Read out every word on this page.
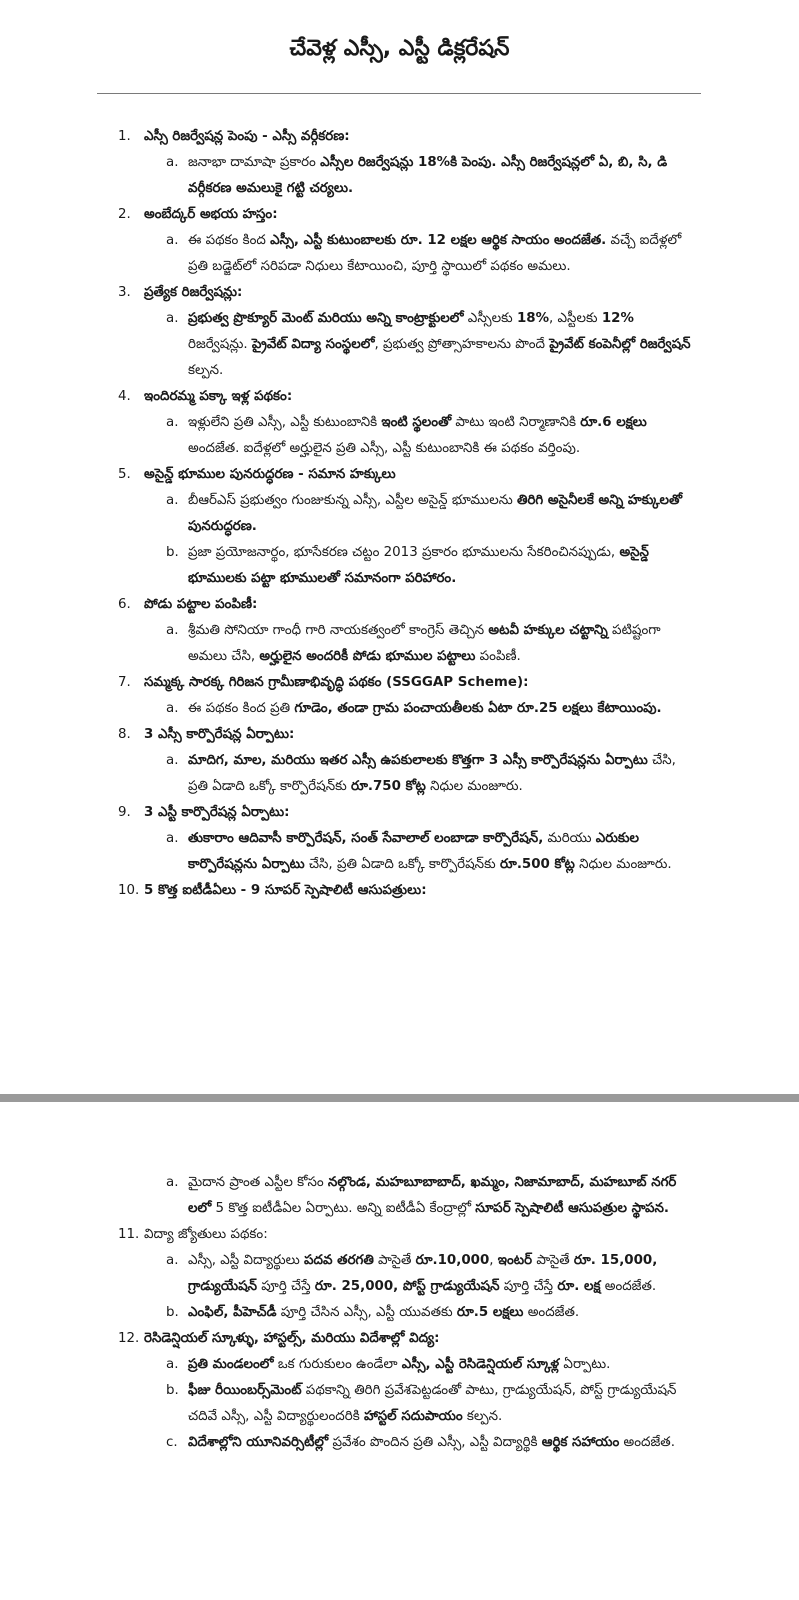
చేవెళ్ల ఎస్సీ, ఎస్టీ డిక్లరేషన్
1. ఎస్సీ రిజర్వేషన్ల పెంపు - ఎస్సీ వర్గీకరణ:
a. జనాభా దామాషా ప్రకారం ఎస్సీల రిజర్వేషన్లు 18%కి పెంపు. ఎస్సీ రిజర్వేషన్లలో ఏ, బి, సి, డి వర్గీకరణ అమలుకై గట్టి చర్యలు.
2. అంబేద్కర్ అభయ హస్తం:
a. ఈ పథకం కింద ఎస్సీ, ఎస్టీ కుటుంబాలకు రూ. 12 లక్షల ఆర్థిక సాయం అందజేత. వచ్చే ఐదేళ్లలో ప్రతి బడ్జెట్‌లో సరిపడా నిధులు కేటాయించి, పూర్తి స్థాయిలో పథకం అమలు.
3. ప్రత్యేక రిజర్వేషన్లు:
a. ప్రభుత్వ ప్రొక్యూర్ మెంట్ మరియు అన్ని కాంట్రాక్టులలో ఎస్సీలకు 18%, ఎస్టీలకు 12% రిజర్వేషన్లు. ప్రైవేట్ విద్యా సంస్థలలో, ప్రభుత్వ ప్రోత్సాహకాలను పొందే ప్రైవేట్ కంపెనీల్లో రిజర్వేషన్ కల్పన.
4. ఇందిరమ్మ పక్కా ఇళ్ల పథకం:
a. ఇళ్లులేని ప్రతి ఎస్సీ, ఎస్టీ కుటుంబానికి ఇంటి స్థలంతో పాటు ఇంటి నిర్మాణానికి రూ.6 లక్షలు అందజేత. ఐదేళ్లలో అర్హులైన ప్రతి ఎస్సీ, ఎస్టీ కుటుంబానికి ఈ పథకం వర్తింపు.
5. అసైన్డ్ భూముల పునరుద్ధరణ - సమాన హక్కులు
a. బీఆర్ఎస్ ప్రభుత్వం గుంజుకున్న ఎస్సీ, ఎస్టీల అసైన్డ్ భూములను తిరిగి అసైనీలకే అన్ని హక్కులతో పునరుద్ధరణ.
b. ప్రజా ప్రయోజనార్థం, భూసేకరణ చట్టం 2013 ప్రకారం భూములను సేకరించినప్పుడు, అసైన్డ్ భూములకు పట్టా భూములతో సమానంగా పరిహారం.
6. పోడు పట్టాల పంపిణీ:
a. శ్రీమతి సోనియా గాంధీ గారి నాయకత్వంలో కాంగ్రెస్ తెచ్చిన అటవీ హక్కుల చట్టాన్ని పటిష్టంగా అమలు చేసి, అర్హులైన అందరికీ పోడు భూముల పట్టాలు పంపిణీ.
7. సమ్మక్క సారక్క గిరిజన గ్రామీణాభివృద్ధి పథకం (SSGGAP Scheme):
a. ఈ పథకం కింద ప్రతి గూడెం, తండా గ్రామ పంచాయతీలకు ఏటా రూ.25 లక్షలు కేటాయింపు.
8. 3 ఎస్సీ కార్పొరేషన్ల ఏర్పాటు:
a. మాదిగ, మాల, మరియు ఇతర ఎస్సీ ఉపకులాలకు కొత్తగా 3 ఎస్సీ కార్పొరేషన్లను ఏర్పాటు చేసి, ప్రతి ఏడాది ఒక్కో కార్పొరేషన్‌కు రూ.750 కోట్ల నిధుల మంజూరు.
9. 3 ఎస్టీ కార్పొరేషన్ల ఏర్పాటు:
a. తుకారాం ఆదివాసీ కార్పొరేషన్, సంత్ సేవాలాల్ లంబాడా కార్పొరేషన్, మరియు ఎరుకుల కార్పొరేషన్లను ఏర్పాటు చేసి, ప్రతి ఏడాది ఒక్కో కార్పొరేషన్‌కు రూ.500 కోట్ల నిధుల మంజూరు.
10. 5 కొత్త ఐటీడీఏలు - 9 సూపర్ స్పెషాలిటీ ఆసుపత్రులు:
a. మైదాన ప్రాంత ఎస్టీల కోసం నల్గొండ, మహబూబాబాద్, ఖమ్మం, నిజామాబాద్, మహబూబ్ నగర్ లలో 5 కొత్త ఐటీడీఏల ఏర్పాటు. అన్ని ఐటీడీఏ కేంద్రాల్లో సూపర్ స్పెషాలిటీ ఆసుపత్రుల స్థాపన.
11. విద్యా జ్యోతులు పథకం:
a. ఎస్సీ, ఎస్టీ విద్యార్థులు పదవ తరగతి పాసైతే రూ.10,000, ఇంటర్ పాసైతే రూ. 15,000, గ్రాడ్యుయేషన్ పూర్తి చేస్తే రూ. 25,000, పోస్ట్ గ్రాడ్యుయేషన్ పూర్తి చేస్తే రూ. లక్ష అందజేత.
b. ఎంఫిల్, పీహెచ్‌డీ పూర్తి చేసిన ఎస్సీ, ఎస్టీ యువతకు రూ.5 లక్షలు అందజేత.
12. రెసిడెన్షియల్ స్కూళ్ళు, హాస్టల్స్, మరియు విదేశాల్లో విద్య:
a. ప్రతి మండలంలో ఒక గురుకులం ఉండేలా ఎస్సీ, ఎస్టీ రెసిడెన్షియల్ స్కూళ్ల ఏర్పాటు.
b. ఫీజు రీయింబర్స్‌మెంట్ పథకాన్ని తిరిగి ప్రవేశపెట్టడంతో పాటు, గ్రాడ్యుయేషన్, పోస్ట్ గ్రాడ్యుయేషన్ చదివే ఎస్సీ, ఎస్టీ విద్యార్థులందరికి హాస్టల్ సదుపాయం కల్పన.
c. విదేశాల్లోని యూనివర్సిటీల్లో ప్రవేశం పొందిన ప్రతి ఎస్సీ, ఎస్టీ విద్యార్థికి ఆర్థిక సహాయం అందజేత.
